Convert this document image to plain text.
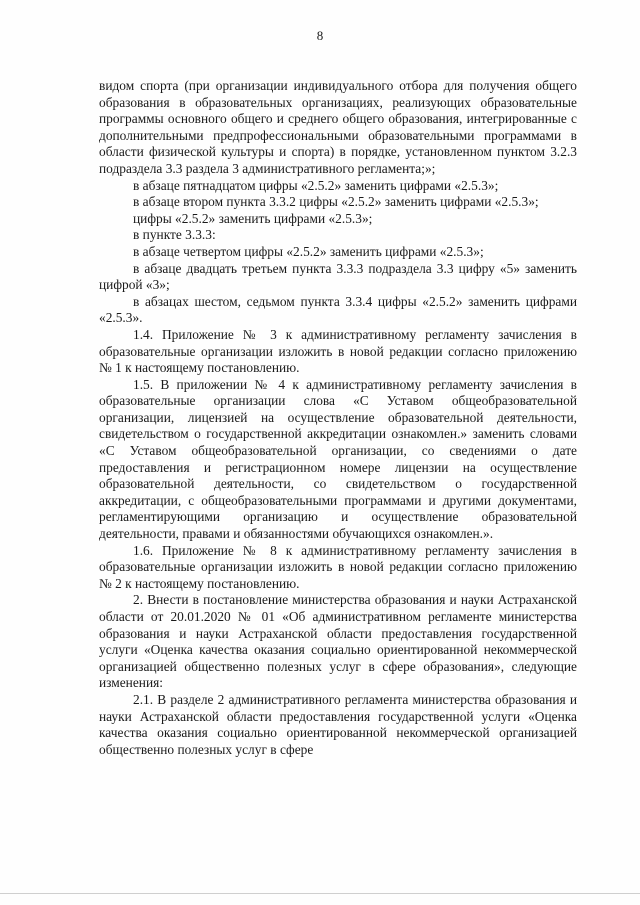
8

видом спорта (при организации индивидуального отбора для получения общего образования в образовательных организациях, реализующих образовательные программы основного общего и среднего общего образования, интегрированные с дополнительными предпрофессиональными образовательными программами в области физической культуры и спорта) в порядке, установленном пунктом 3.2.3 подраздела 3.3 раздела 3 административного регламента;»;

в абзаце пятнадцатом цифры «2.5.2» заменить цифрами «2.5.3»;

в абзаце втором пункта 3.3.2 цифры «2.5.2» заменить цифрами «2.5.3»;

цифры «2.5.2» заменить цифрами «2.5.3»;

в пункте 3.3.3:

в абзаце четвертом цифры «2.5.2» заменить цифрами «2.5.3»;

в абзаце двадцать третьем пункта 3.3.3 подраздела 3.3 цифру «5» заменить цифрой «3»;

в абзацах шестом, седьмом пункта 3.3.4 цифры «2.5.2» заменить цифрами «2.5.3».

1.4. Приложение № 3 к административному регламенту зачисления в образовательные организации изложить в новой редакции согласно приложению № 1 к настоящему постановлению.

1.5. В приложении № 4 к административному регламенту зачисления в образовательные организации слова «С Уставом общеобразовательной организации, лицензией на осуществление образовательной деятельности, свидетельством о государственной аккредитации ознакомлен.» заменить словами «С Уставом общеобразовательной организации, со сведениями о дате предоставления и регистрационном номере лицензии на осуществление образовательной деятельности, со свидетельством о государственной аккредитации, с общеобразовательными программами и другими документами, регламентирующими организацию и осуществление образовательной деятельности, правами и обязанностями обучающихся ознакомлен.».

1.6. Приложение № 8 к административному регламенту зачисления в образовательные организации изложить в новой редакции согласно приложению № 2 к настоящему постановлению.

2. Внести в постановление министерства образования и науки Астраханской области от 20.01.2020 № 01 «Об административном регламенте министерства образования и науки Астраханской области предоставления государственной услуги «Оценка качества оказания социально ориентированной некоммерческой организацией общественно полезных услуг в сфере образования», следующие изменения:

2.1. В разделе 2 административного регламента министерства образования и науки Астраханской области предоставления государственной услуги «Оценка качества оказания социально ориентированной некоммерческой организацией общественно полезных услуг в сфере
